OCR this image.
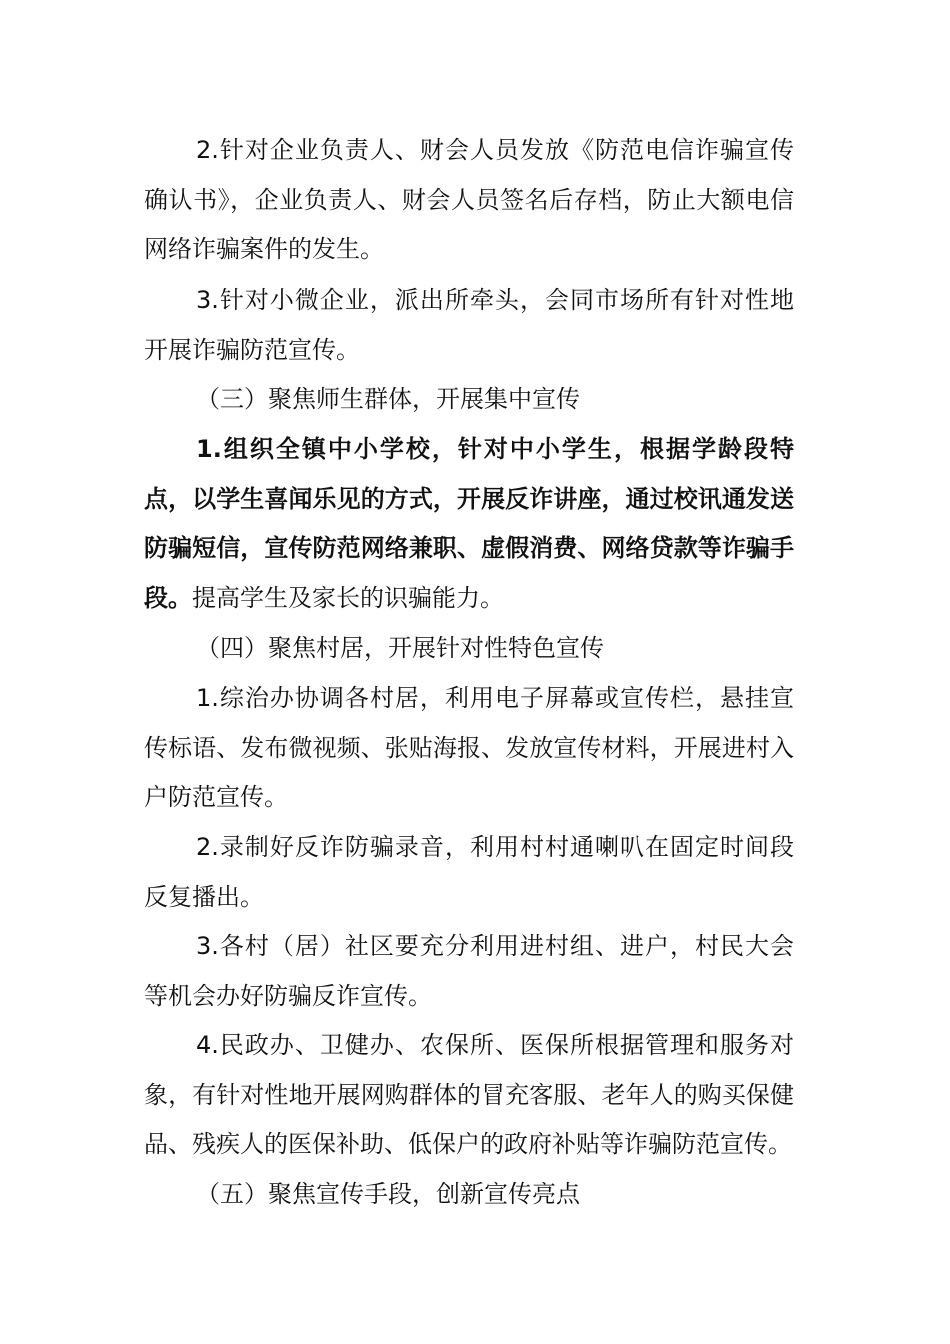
2.针对企业负责人、财会人员发放《防范电信诈骗宣传确认书》，企业负责人、财会人员签名后存档，防止大额电信网络诈骗案件的发生。

3.针对小微企业，派出所牵头，会同市场所有针对性地开展诈骗防范宣传。

（三）聚焦师生群体，开展集中宣传

1.组织全镇中小学校，针对中小学生，根据学龄段特点，以学生喜闻乐见的方式，开展反诈讲座，通过校讯通发送防骗短信，宣传防范网络兼职、虚假消费、网络贷款等诈骗手段。提高学生及家长的识骗能力。

（四）聚焦村居，开展针对性特色宣传

1.综治办协调各村居，利用电子屏幕或宣传栏，悬挂宣传标语、发布微视频、张贴海报、发放宣传材料，开展进村入户防范宣传。

2.录制好反诈防骗录音，利用村村通喇叭在固定时间段反复播出。

3.各村（居）社区要充分利用进村组、进户，村民大会等机会办好防骗反诈宣传。

4.民政办、卫健办、农保所、医保所根据管理和服务对象，有针对性地开展网购群体的冒充客服、老年人的购买保健品、残疾人的医保补助、低保户的政府补贴等诈骗防范宣传。

（五）聚焦宣传手段，创新宣传亮点
